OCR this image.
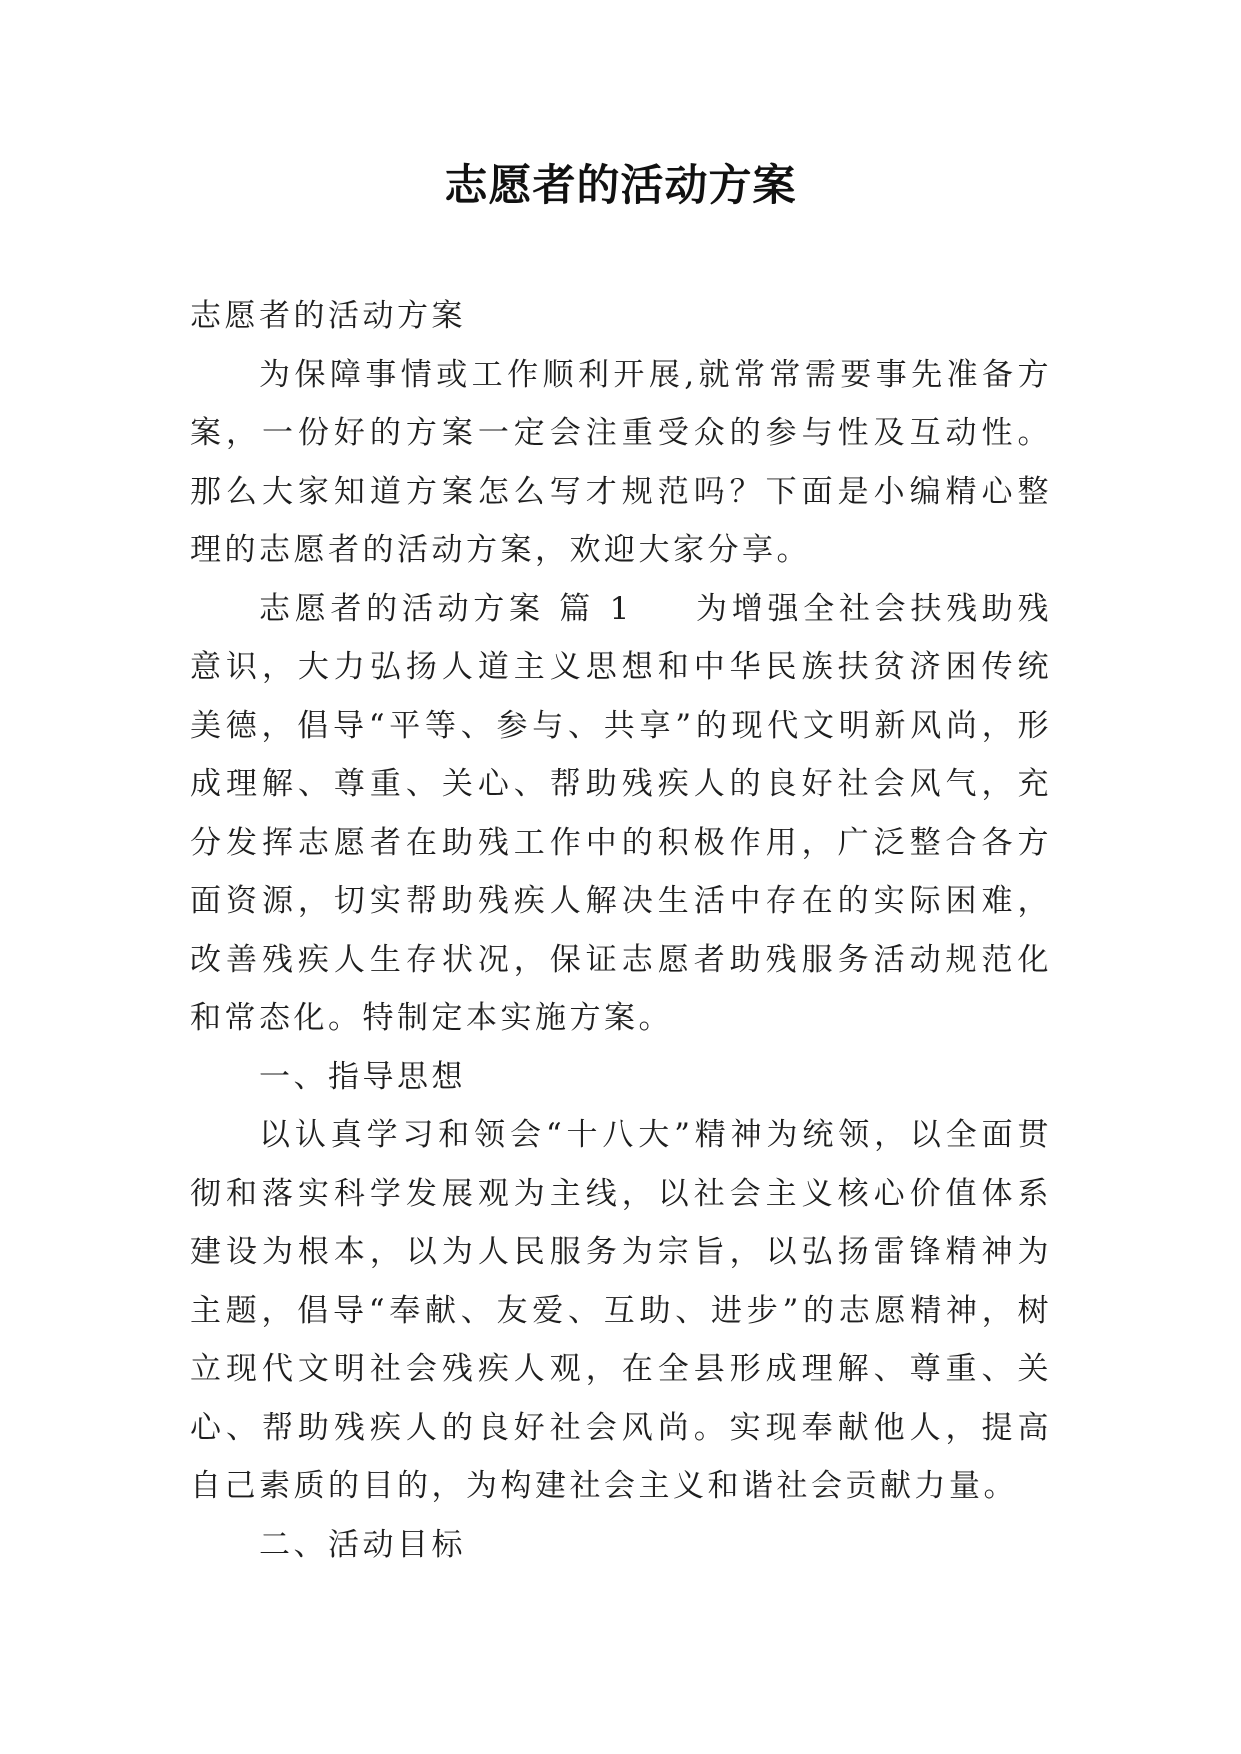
志愿者的活动方案

志愿者的活动方案

为保障事情或工作顺利开展,就常常需要事先准备方案，一份好的方案一定会注重受众的参与性及互动性。那么大家知道方案怎么写才规范吗？下面是小编精心整理的志愿者的活动方案，欢迎大家分享。

志愿者的活动方案 篇 1 为增强全社会扶残助残意识，大力弘扬人道主义思想和中华民族扶贫济困传统美德，倡导“平等、参与、共享”的现代文明新风尚，形成理解、尊重、关心、帮助残疾人的良好社会风气，充分发挥志愿者在助残工作中的积极作用，广泛整合各方面资源，切实帮助残疾人解决生活中存在的实际困难，改善残疾人生存状况，保证志愿者助残服务活动规范化和常态化。特制定本实施方案。

一、指导思想

以认真学习和领会“十八大”精神为统领，以全面贯彻和落实科学发展观为主线，以社会主义核心价值体系建设为根本，以为人民服务为宗旨，以弘扬雷锋精神为主题，倡导“奉献、友爱、互助、进步”的志愿精神，树立现代文明社会残疾人观，在全县形成理解、尊重、关心、帮助残疾人的良好社会风尚。实现奉献他人，提高自己素质的目的，为构建社会主义和谐社会贡献力量。

二、活动目标
